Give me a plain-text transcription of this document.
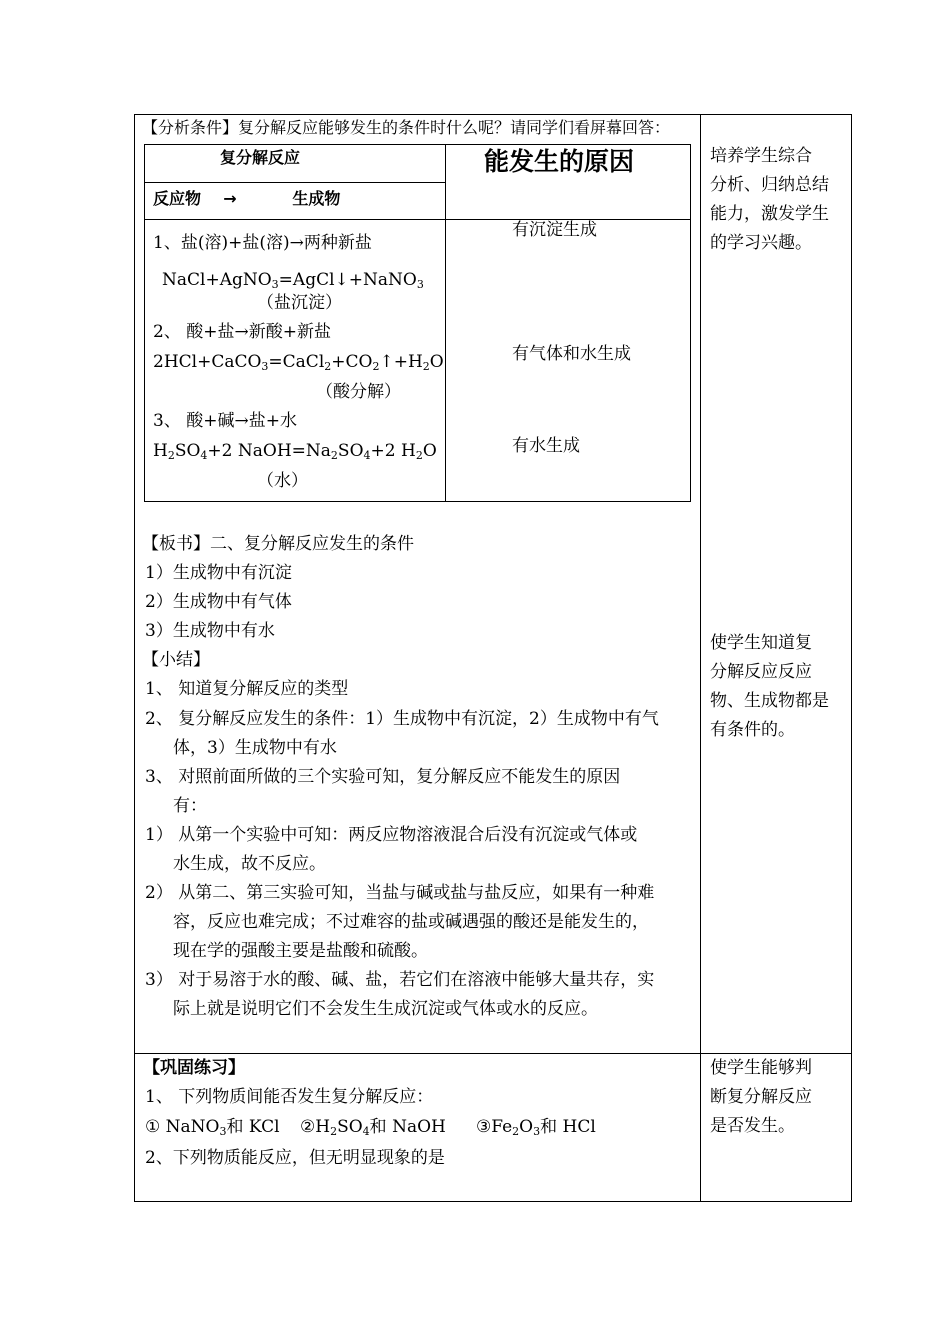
【分析条件】复分解反应能够发生的条件时什么呢？请同学们看屏幕回答：
复分解反应
反应物    →          生成物
能发生的原因
1、盐(溶)+盐(溶)→两种新盐
NaCl+AgNO$_3$=AgCl↓+NaNO$_3$
（盐沉淀）
有沉淀生成
2、 酸+盐→新酸+新盐
$2HCl+CaCO_3=CaCl_2+CO_2↑+H_2O$
（酸分解）
有气体和水生成
3、 酸+碱→盐+水
$H_2SO_4+2$ $NaOH=Na_2SO_4+2$ $H_2O$
（水）
有水生成
【板书】二、复分解反应发生的条件
1）生成物中有沉淀
2）生成物中有气体
3）生成物中有水
【小结】
1、 知道复分解反应的类型
2、 复分解反应发生的条件：1）生成物中有沉淀，2）生成物中有气
体，3）生成物中有水
3、 对照前面所做的三个实验可知，复分解反应不能发生的原因
有：
1） 从第一个实验中可知：两反应物溶液混合后没有沉淀或气体或
水生成，故不反应。
2） 从第二、第三实验可知，当盐与碱或盐与盐反应，如果有一种难
容，反应也难完成；不过难容的盐或碱遇强的酸还是能发生的，
现在学的强酸主要是盐酸和硫酸。
3） 对于易溶于水的酸、碱、盐，若它们在溶液中能够大量共存，实
际上就是说明它们不会发生生成沉淀或气体或水的反应。
培养学生综合
分析、归纳总结
能力，激发学生
的学习兴趣。
使学生知道复
分解反应反应
物、生成物都是
有条件的。
【巩固练习】
1、 下列物质间能否发生复分解反应：
① NaNO$_3$和 KCl $②H_2SO_4$和 NaOH $③Fe_2O_3$和 HCl
2、下列物质能反应，但无明显现象的是
使学生能够判
断复分解反应
是否发生。
